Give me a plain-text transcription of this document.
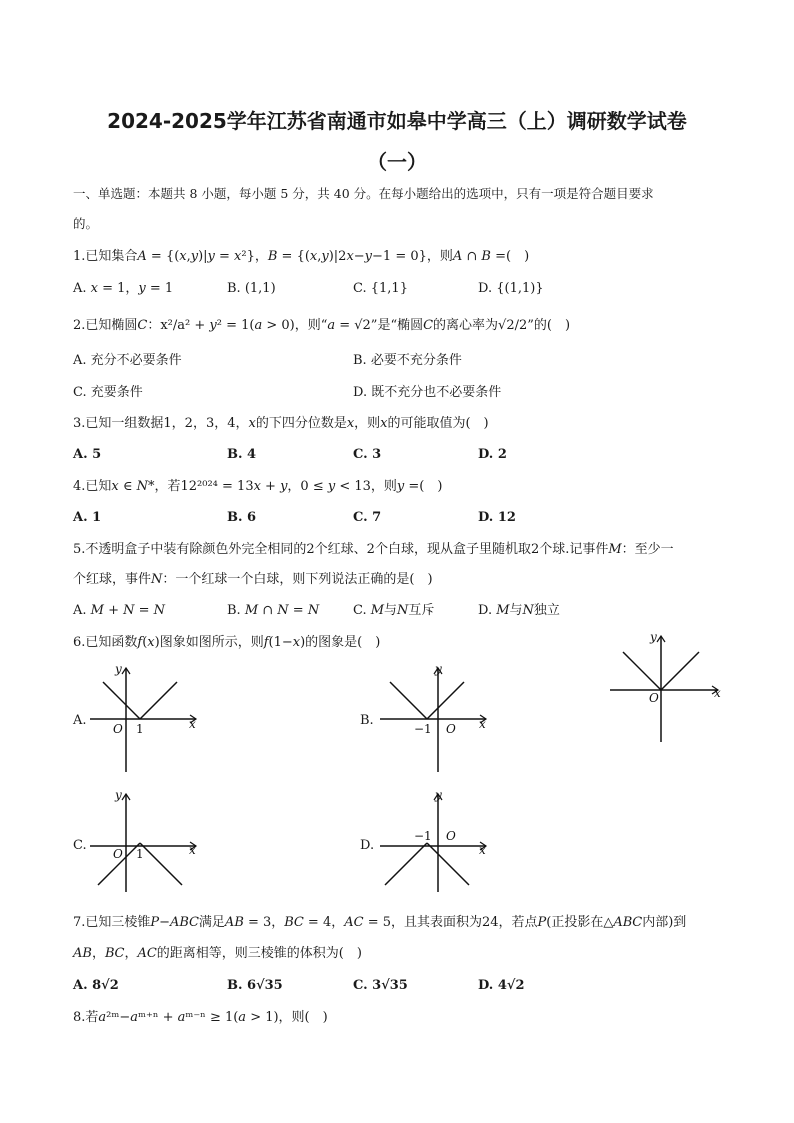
2024-2025学年江苏省南通市如皋中学高三（上）调研数学试卷
（一）
一、单选题：本题共 8 小题，每小题 5 分，共 40 分。在每小题给出的选项中，只有一项是符合题目要求
的。
1.已知集合𝐴 = {(𝑥,𝑦)|𝑦 = 𝑥²}，𝐵 = {(𝑥,𝑦)|2𝑥−𝑦−1 = 0}，则𝐴 ∩ 𝐵 =(　)
A. 𝑥 = 1，𝑦 = 1	B. (1,1)	C. {1,1}	D. {(1,1)}
2.已知椭圆𝐶：x²/a² + 𝑦² = 1(𝑎 > 0)，则“𝑎 = √2”是“椭圆𝐶的离心率为√2/2”的(　)
A. 充分不必要条件	B. 必要不充分条件
C. 充要条件	D. 既不充分也不必要条件
3.已知一组数据1，2，3，4，𝑥的下四分位数是𝑥，则𝑥的可能取值为(　)
A. 5	B. 4	C. 3	D. 2
4.已知𝑥 ∈ 𝑁*，若12²⁰²⁴ = 13𝑥 + 𝑦，0 ≤ 𝑦 < 13，则𝑦 =(　)
A. 1	B. 6	C. 7	D. 12
5.不透明盒子中装有除颜色外完全相同的2个红球、2个白球，现从盒子里随机取2个球.记事件𝑀：至少一
个红球，事件𝑁：一个红球一个白球，则下列说法正确的是(　)
A. 𝑀 + 𝑁 = 𝑁	B. 𝑀 ∩ 𝑁 = 𝑁	C. 𝑀与𝑁互斥	D. 𝑀与𝑁独立
6.已知函数𝑓(𝑥)图象如图所示，则𝑓(1−𝑥)的图象是(　)	y
x
O
A.
y
x
O 1
B.
y
x
O
−1
C.
y
x
O 1
D.
y
x
O
−1
7.已知三棱锥𝑃−𝐴𝐵𝐶满足𝐴𝐵 = 3，𝐵𝐶 = 4，𝐴𝐶 = 5，且其表面积为24，若点𝑃(正投影在△𝐴𝐵𝐶内部)到
𝐴𝐵，𝐵𝐶，𝐴𝐶的距离相等，则三棱锥的体积为(　)
A. 8√2	B. 6√35	C. 3√35	D. 4√2
8.若𝑎²ᵐ−𝑎ᵐ⁺ⁿ + 𝑎ᵐ⁻ⁿ ≥ 1(𝑎 > 1)，则(　)
